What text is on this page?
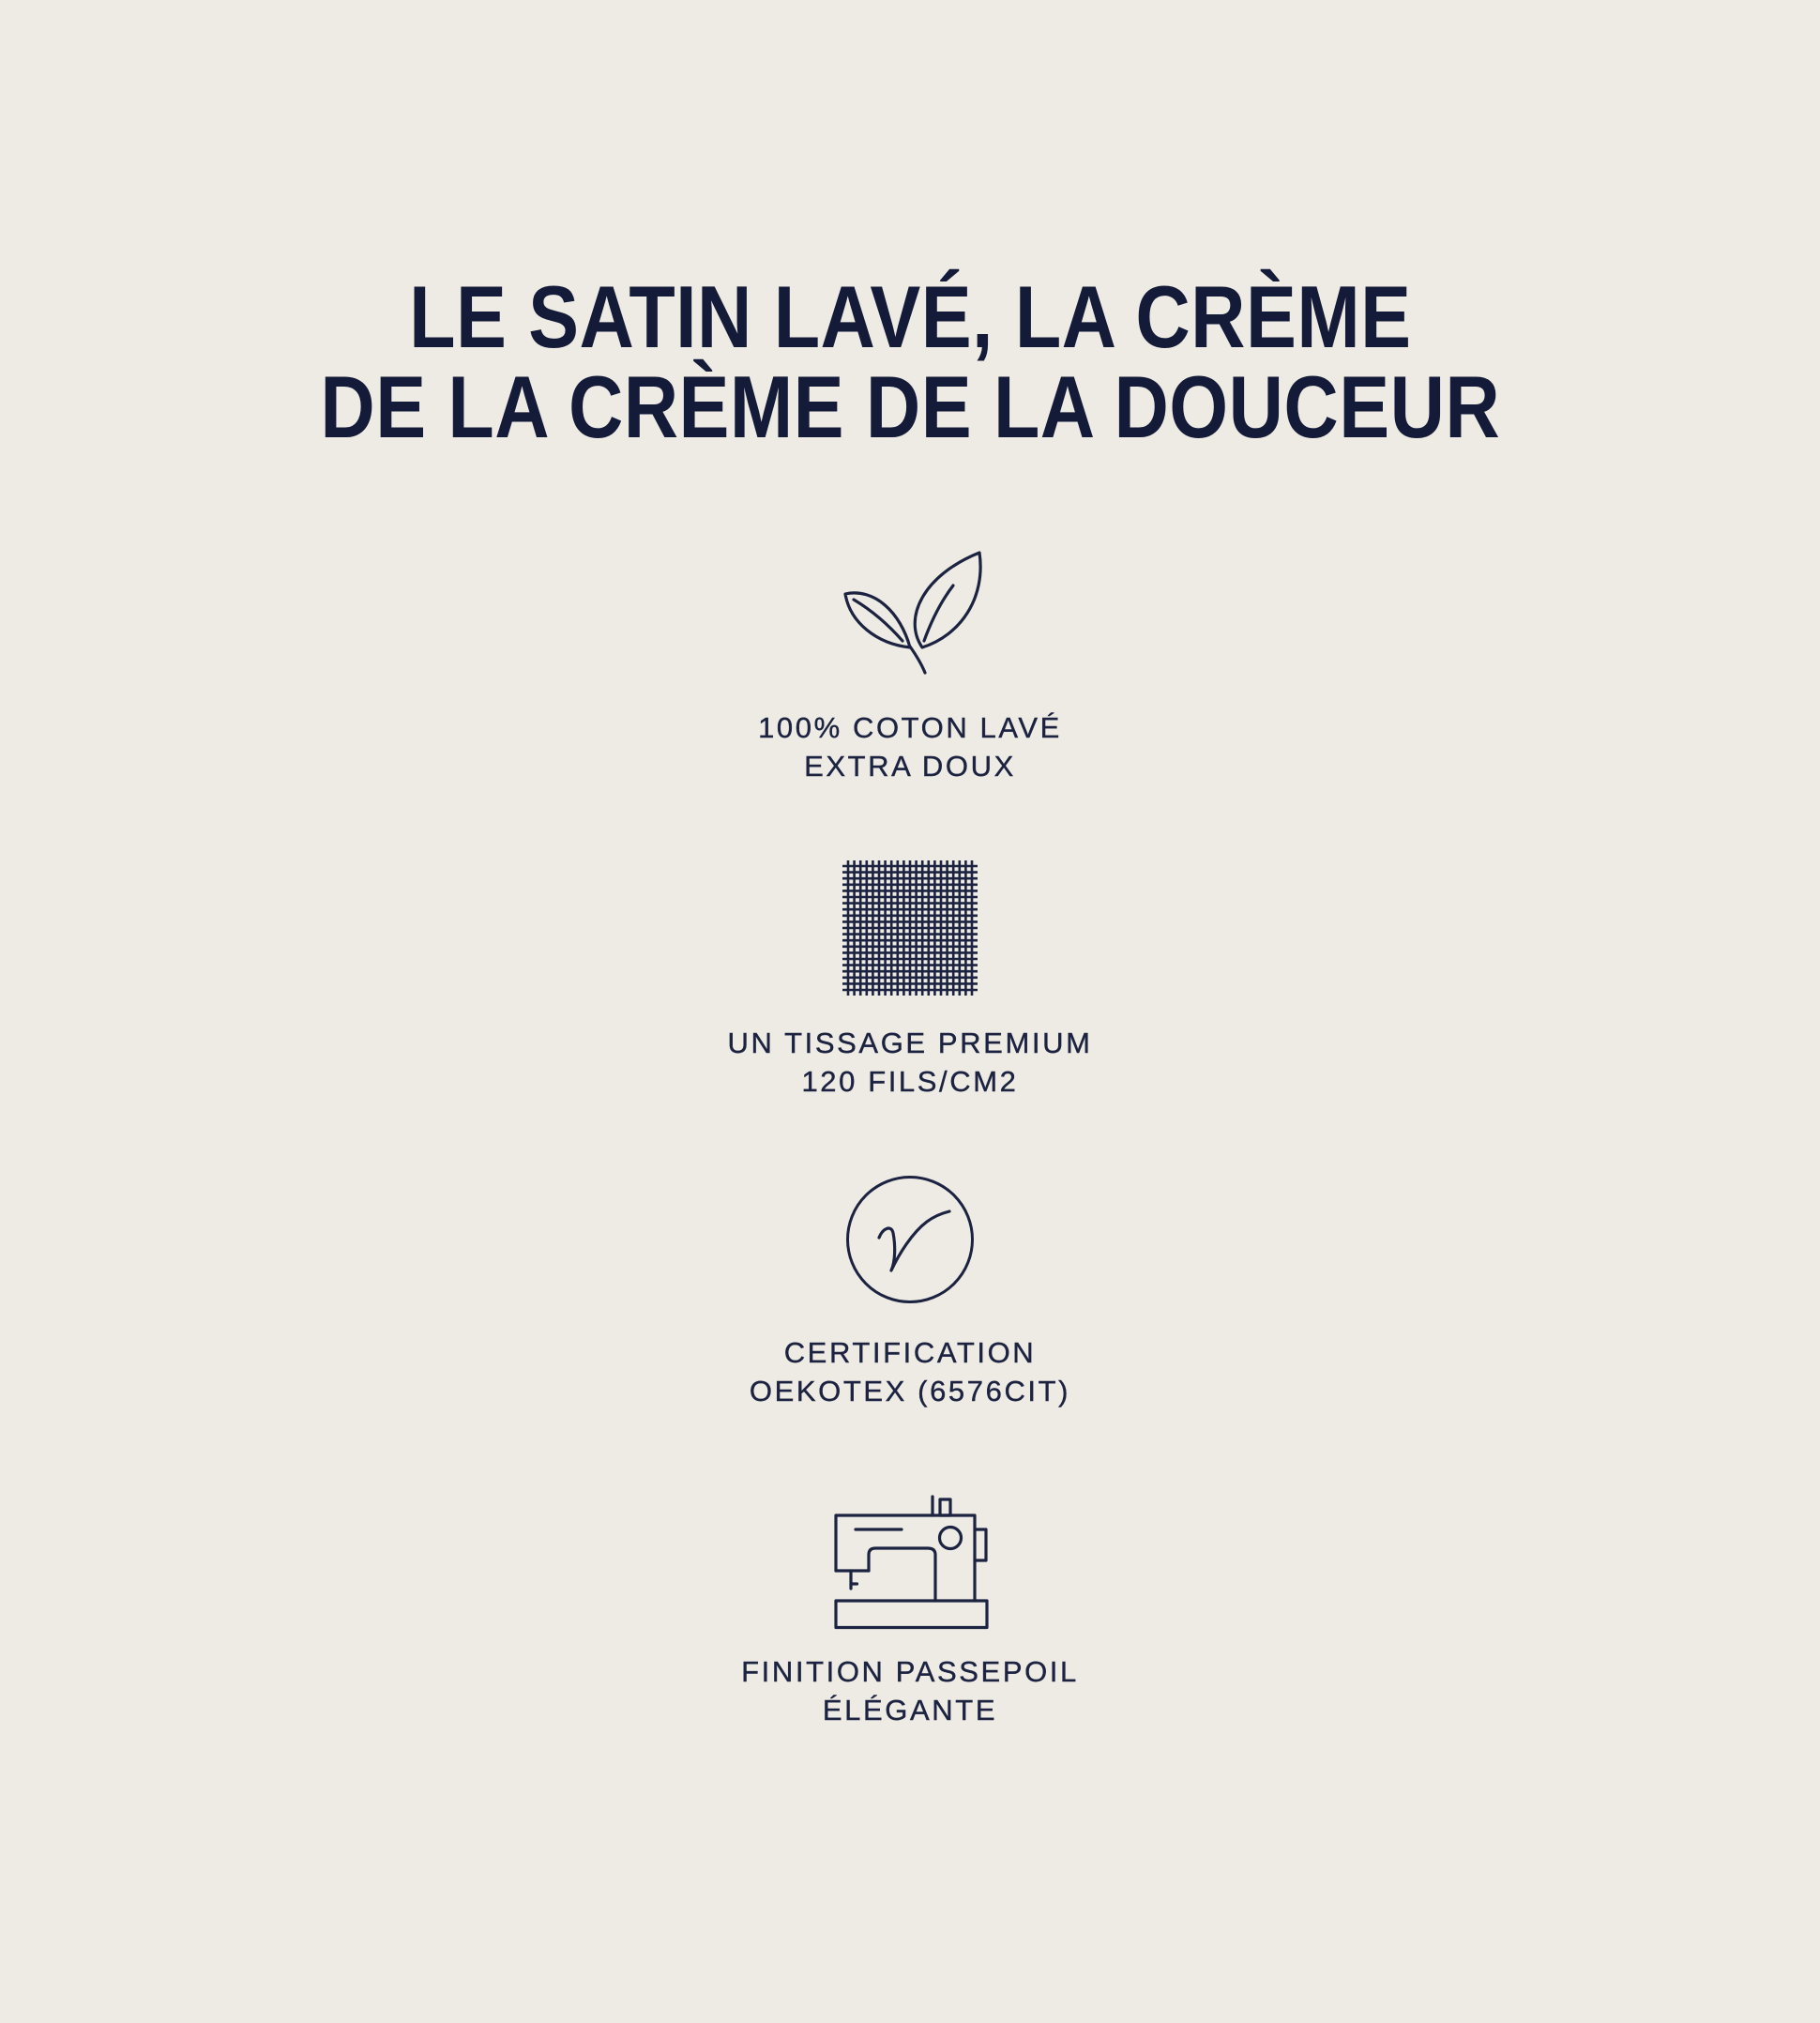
LE SATIN LAVÉ, LA CRÈME
DE LA CRÈME DE LA DOUCEUR
100% COTON LAVÉ
EXTRA DOUX
UN TISSAGE PREMIUM
120 FILS/CM2
CERTIFICATION
OEKOTEX (6576CIT)
FINITION PASSEPOIL
ÉLÉGANTE
